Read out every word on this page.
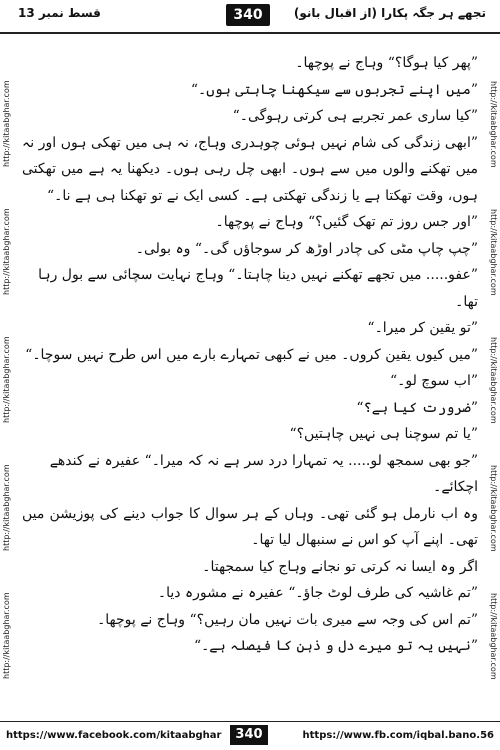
قسط نمبر 13	340	تجھے ہر جگہ پکارا (از اقبال بانو)
http://kitaabghar.com
http://kitaabghar.com
http://kitaabghar.com
http://kitaabghar.com
http://kitaabghar.com	http://kitaabghar.com
http://kitaabghar.com
http://kitaabghar.com
http://kitaabghar.com
http://kitaabghar.com

”پھر کیا ہوگا؟“ وہاج نے پوچھا۔

”میں اپنے تجربوں سے سیکھنا چاہتی ہوں۔“

”کیا ساری عمر تجربے ہی کرتی رہوگی۔“

”ابھی زندگی کی شام نہیں ہوئی چوہدری وہاج، نہ ہی میں تھکی ہوں اور نہ میں تھکنے والوں میں سے ہوں۔ ابھی چل رہی ہوں۔ دیکھنا یہ ہے میں تھکتی ہوں، وقت تھکتا ہے یا زندگی تھکتی ہے۔ کسی ایک نے تو تھکنا ہی ہے نا۔“

”اور جس روز تم تھک گئیں؟“ وہاج نے پوچھا۔

”چپ چاپ مٹی کی چادر اوڑھ کر سوجاؤں گی۔“ وہ بولی۔

”عفو..... میں تجھے تھکنے نہیں دینا چاہتا۔“ وہاج نہایت سچائی سے بول رہا تھا۔

”تو یقین کر میرا۔“

”میں کیوں یقین کروں۔ میں نے کبھی تمہارے بارے میں اس طرح نہیں سوچا۔“

”اب سوچ لو۔“

”ضرورت کیا ہے؟“

”یا تم سوچنا ہی نہیں چاہتیں؟“

”جو بھی سمجھ لو..... یہ تمہارا درد سر ہے نہ کہ میرا۔“ عفیرہ نے کندھے اچکائے۔

وہ اب نارمل ہو گئی تھی۔ وہاں کے ہر سوال کا جواب دینے کی پوزیشن میں تھی۔ اپنے آپ کو اس نے سنبھال لیا تھا۔

اگر وہ ایسا نہ کرتی تو نجانے وہاج کیا سمجھتا۔

”تم غاشیہ کی طرف لوٹ جاؤ۔“ عفیرہ نے مشورہ دیا۔

”تم اس کی وجہ سے میری بات نہیں مان رہیں؟“ وہاج نے پوچھا۔

”نہیں یہ تو میرے دل و ذہن کا فیصلہ ہے۔“

https://www.facebook.com/kitaabghar	340	https://www.fb.com/iqbal.bano.56
